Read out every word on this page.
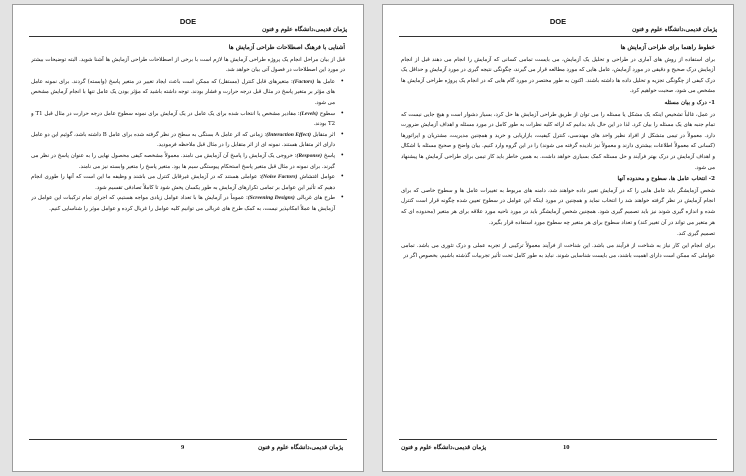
DOE
پژمان قدیمی،دانشگاه علوم و فنون

آشنایی با فرهنگ اصطلاحات طراحی آزمایش ها

قبل از بیان مراحل انجام یک پروژه طراحی آزمایش ها لازم است با برخی از اصطلاحات طراحی آزمایش ها آشنا شوید. البته توضیحات بیشتر در مورد این اصطلاحات در فصول آتی بیان خواهد شد.

•
عامل ها (Factors): متغیرهای قابل کنترل (مستقل) که ممکن است باعث ایجاد تغییر در متغیر پاسخ (وابسته) گردند. برای نمونه عامل های مؤثر بر متغیر پاسخ در مثال قبل درجه حرارت و فشار بودند. توجه داشته باشید که مؤثر بودن یک عامل تنها با انجام آزمایش مشخص می شود.
•
سطوح (Levels): مقادیر مشخص یا انتخاب شده برای یک عامل در یک آزمایش برای نمونه سطوح عامل درجه حرارت در مثال قبل T1 و T2 بودند.
•
اثر متقابل (Interaction Effect): زمانی که اثر عامل A بستگی به سطح در نظر گرفته شده برای عامل B داشته باشد، گوئیم این دو عامل دارای اثر متقابل هستند. نمونه ای از اثر متقابل را در مثال قبل ملاحظه فرمودید.
•
پاسخ (Response): خروجی یک آزمایش را پاسخ آن آزمایش می نامند. معمولاً مشخصه کیفی محصول نهایی را به عنوان پاسخ در نظر می گیرند. برای نمونه در مثال قبل متغیر پاسخ استحکام پیوستگی سیم ها بود. متغیر پاسخ را متغیر وابسته نیز می نامند.
•
عوامل اغتشاش (Noise Factors): عواملی هستند که در آزمایش غیرقابل کنترل می باشند و وظیفه ما این است که آنها را طوری انجام دهیم که تأثیر این عوامل بر تمامی تکرارهای آزمایش به طور یکسان پخش شود تا کاملاً تصادفی تقسیم شود.
•
طرح های غربالی (Screening Designs): عموماً در آزمایش ها با تعداد عوامل زیادی مواجه هستیم، که اجرای تمام ترکیبات این عوامل در آزمایش ها عملاً امکانپذیر نیست، به کمک طرح های غربالی می توانیم کلیه عوامل را غربال کرده و عوامل موثر را شناسایی کنیم.
9	پژمان قدیمی،دانشگاه علوم و فنون
DOE
پژمان قدیمی،دانشگاه علوم و فنون

خطوط راهنما برای طراحی آزمایش ها

برای استفاده از روش های آماری در طراحی و تحلیل یک آزمایش، می بایست تمامی کسانی که آزمایش را انجام می دهند قبل از انجام آزمایش درک صحیح و دقیقی در مورد آزمایش، عامل هایی که مورد مطالعه قرار می گیرند، چگونگی نتیجه گیری در مورد آزمایش و حداقل یک درک کیفی از چگونگی تجزیه و تحلیل داده ها داشته باشند. اکنون به طور مختصر در مورد گام هایی که در انجام یک پروژه طراحی آزمایش ها مشخص می شود، صحبت خواهیم کرد.

1- درک و بیان مسئله

در عمل، غالباً تشخیص اینکه یک مشکل یا مسئله را می توان از طریق طراحی آزمایش ها حل کرد، بسیار دشوار است و هیچ جایی نیست که تمام جنبه های یک مسئله را بیان کرد. لذا در این حال باید بدانیم که ارائه کلیه نظرات به طور کامل در مورد مسئله و اهداف آزمایش ضرورت دارد. معمولاً در تیمی متشکل از افراد نظیر واحد های مهندسی، کنترل کیفیت، بازاریابی و خرید و همچنین مدیریت، مشتریان و اپراتورها (کسانی که معمولاً اطلاعات بیشتری دارند و معمولاً نیز نادیده گرفته می شوند) را در این گروه وارد کنیم. بیان واضح و صحیح مسئله با اشکال و اهداف آزمایش در درک بهتر فرآیند و حل مسئله کمک بسیاری خواهد داشت. به همین خاطر باید کار تیمی برای طراحی آزمایش ها پیشنهاد می شود.

2- انتخاب عامل ها، سطوح و محدوده آنها

شخص آزمایشگر باید عامل هایی را که در آزمایش تغییر داده خواهند شد، دامنه های مربوط به تغییرات عامل ها و سطوح خاصی که برای انجام آزمایش در نظر گرفته خواهند شد را انتخاب نماید و همچنین در مورد اینکه این عوامل در سطوح تعیین شده چگونه قرار است کنترل شده و اندازه گیری شوند نیز باید تصمیم گیری شود. همچنین شخص آزمایشگر باید در مورد ناحیه مورد علاقه برای هر متغیر (محدوده ای که هر متغیر می تواند در آن تغییر کند) و تعداد سطوح برای هر متغیر چه سطوح مورد استفاده قرار بگیرد.

تصمیم گیری کند.

برای انجام این کار نیاز به شناخت از فرآیند می باشد. این شناخت از فرآیند معمولاً ترکیبی از تجربه عملی و درک تئوری می باشد. تمامی عواملی که ممکن است دارای اهمیت باشند، می بایست شناسایی شوند. نباید به طور کامل تحت تأثیر تجربیات گذشته باشیم، بخصوص اگر در

10
پژمان قدیمی،دانشگاه علوم و فنون
